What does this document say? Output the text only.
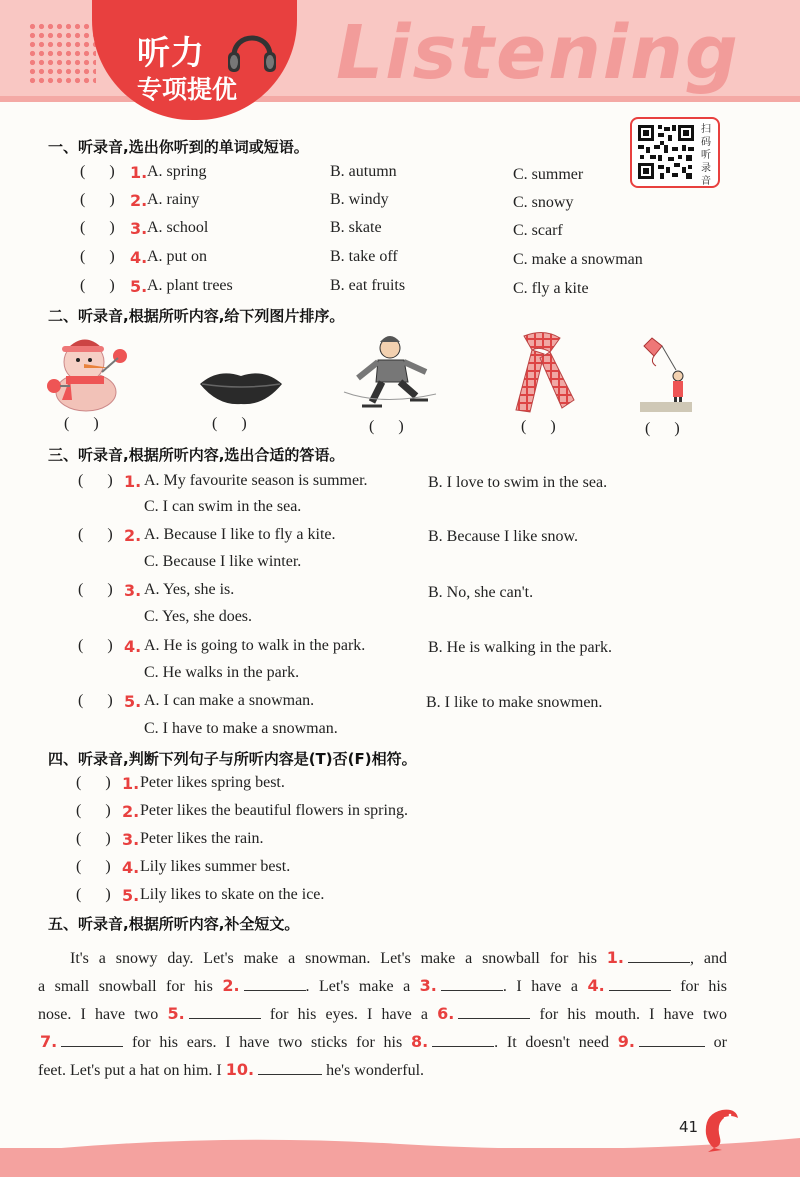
听力
专项提优 Listening
扫
码
听
录
音
一、听录音,选出你听到的单词或短语。
(      ) 1. A. spring	B. autumn	C. summer
(      ) 2. A. rainy	B. windy	C. snowy
(      ) 3. A. school	B. skate	C. scarf
(      ) 4. A. put on	B. take off	C. make a snowman
(      ) 5. A. plant trees	B. eat fruits	C. fly a kite
二、听录音,根据所听内容,给下列图片排序。
(      )	(      )	(      )	(      )	(      )
三、听录音,根据所听内容,选出合适的答语。
(      ) 1. A. My favourite season is summer.	B. I love to swim in the sea.
C. I can swim in the sea.
(      ) 2. A. Because I like to fly a kite.	B. Because I like snow.
C. Because I like winter.
(      ) 3. A. Yes, she is.	B. No, she can't.
C. Yes, she does.
(      ) 4. A. He is going to walk in the park.	B. He is walking in the park.
C. He walks in the park.
(      ) 5. A. I can make a snowman.	B. I like to make snowmen.
C. I have to make a snowman.
四、听录音,判断下列句子与所听内容是(T)否(F)相符。
(      ) 1. Peter likes spring best.
(      ) 2. Peter likes the beautiful flowers in spring.
(      ) 3. Peter likes the rain.
(      ) 4. Lily likes summer best.
(      ) 5. Lily likes to skate on the ice.
五、听录音,根据所听内容,补全短文。
It's a snowy day. Let's make a snowman. Let's make a snowball for his 1.	, and
a small snowball for his 2.	. Let's make a 3.	. I have a 4.	for his
nose. I have two 5.	for his eyes. I have a 6.	for his mouth. I have two
7.	for his ears. I have two sticks for his 8.	. It doesn't need 9.	or
feet. Let's put a hat on him. I 10.	he's wonderful.
41
